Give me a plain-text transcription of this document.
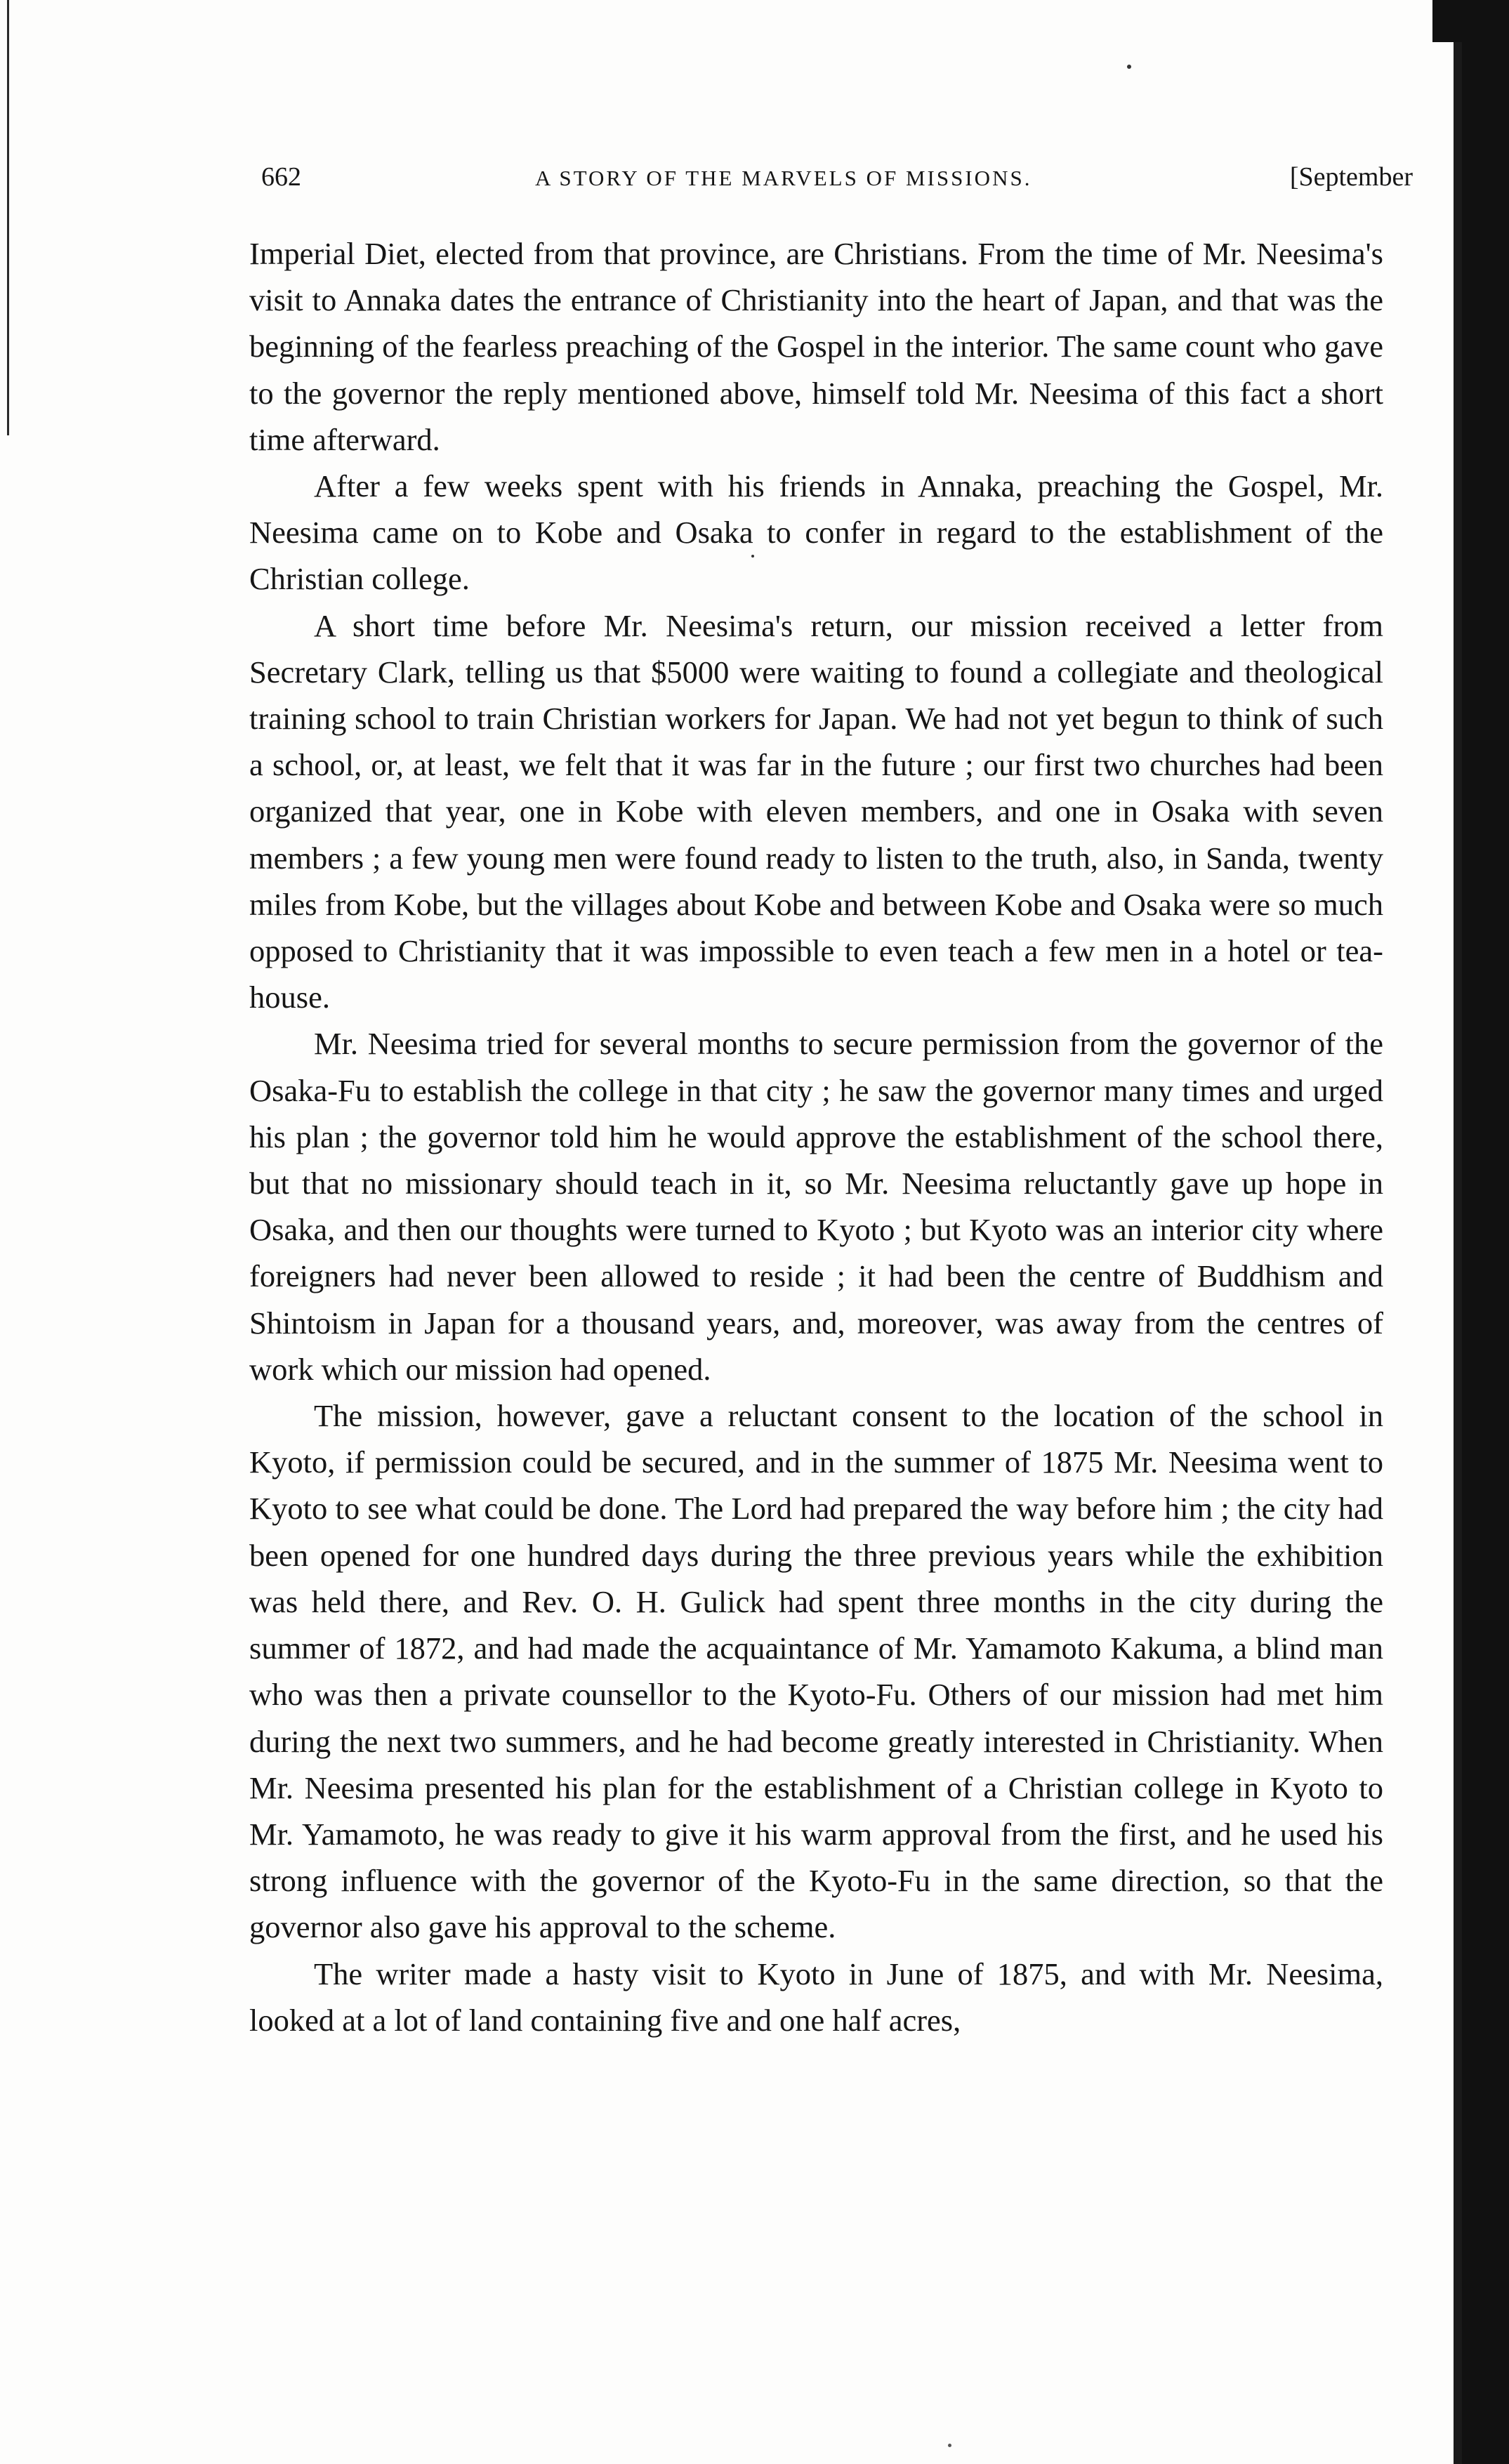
662	A STORY OF THE MARVELS OF MISSIONS.	[September

Imperial Diet, elected from that province, are Christians. From the time of Mr. Neesima's visit to Annaka dates the entrance of Christianity into the heart of Japan, and that was the beginning of the fearless preaching of the Gospel in the interior. The same count who gave to the governor the reply mentioned above, himself told Mr. Neesima of this fact a short time afterward.

After a few weeks spent with his friends in Annaka, preaching the Gospel, Mr. Neesima came on to Kobe and Osaka to confer in regard to the establishment of the Christian college.

A short time before Mr. Neesima's return, our mission received a letter from Secretary Clark, telling us that $5000 were waiting to found a collegiate and theological training school to train Christian workers for Japan. We had not yet begun to think of such a school, or, at least, we felt that it was far in the future ; our first two churches had been organized that year, one in Kobe with eleven members, and one in Osaka with seven members ; a few young men were found ready to listen to the truth, also, in Sanda, twenty miles from Kobe, but the villages about Kobe and between Kobe and Osaka were so much opposed to Christianity that it was impossible to even teach a few men in a hotel or tea-house.

Mr. Neesima tried for several months to secure permission from the governor of the Osaka-Fu to establish the college in that city ; he saw the governor many times and urged his plan ; the governor told him he would approve the establishment of the school there, but that no missionary should teach in it, so Mr. Neesima reluctantly gave up hope in Osaka, and then our thoughts were turned to Kyoto ; but Kyoto was an interior city where foreigners had never been allowed to reside ; it had been the centre of Buddhism and Shintoism in Japan for a thousand years, and, moreover, was away from the centres of work which our mission had opened.

The mission, however, gave a reluctant consent to the location of the school in Kyoto, if permission could be secured, and in the summer of 1875 Mr. Neesima went to Kyoto to see what could be done. The Lord had prepared the way before him ; the city had been opened for one hundred days during the three previous years while the exhibition was held there, and Rev. O. H. Gulick had spent three months in the city during the summer of 1872, and had made the acquaintance of Mr. Yamamoto Kakuma, a blind man who was then a private counsellor to the Kyoto-Fu. Others of our mission had met him during the next two summers, and he had become greatly interested in Christianity. When Mr. Neesima presented his plan for the establishment of a Christian college in Kyoto to Mr. Yamamoto, he was ready to give it his warm approval from the first, and he used his strong influence with the governor of the Kyoto-Fu in the same direction, so that the governor also gave his approval to the scheme.

The writer made a hasty visit to Kyoto in June of 1875, and with Mr. Neesima, looked at a lot of land containing five and one half acres,
